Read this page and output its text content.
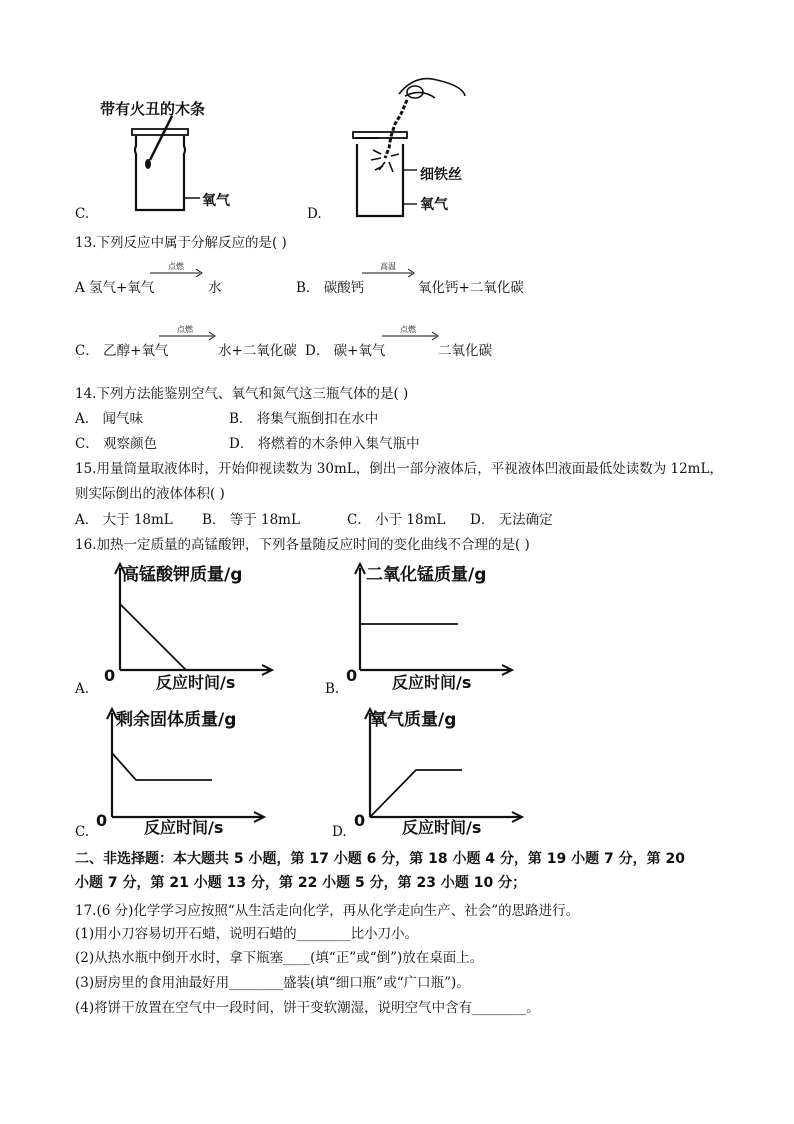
带有火丑的木条
氧气
C.
细铁丝
氧气
D.
13.下列反应中属于分解反应的是( )
A 氢气+氧气
点燃
水	B． 碳酸钙
高温
氧化钙+二氧化碳
C． 乙醇+氧气
点燃
水+二氧化碳 D． 碳+氧气
点燃
二氧化碳
14.下列方法能鉴别空气、氧气和氮气这三瓶气体的是( )
A． 闻气味	B． 将集气瓶倒扣在水中
C． 观察颜色	D． 将燃着的木条伸入集气瓶中
15.用量筒量取液体时，开始仰视读数为 30mL，倒出一部分液体后，平视液体凹液面最低处读数为 12mL，
则实际倒出的液体体积( )
A． 大于 18mL B． 等于 18mL	C． 小于 18mL D． 无法确定
16.加热一定质量的高锰酸钾，下列各量随反应时间的变化曲线不合理的是( )
高锰酸钾质量/g
0	反应时间/s
A.
二氧化锰质量/g
0 反应时间/s
B.
剩余固体质量/g
0 反应时间/s
C.
氧气质量/g
0 反应时间/s
D.
二、非选择题：本大题共 5 小题，第 17 小题 6 分，第 18 小题 4 分，第 19 小题 7 分，第 20
小题 7 分，第 21 小题 13 分，第 22 小题 5 分，第 23 小题 10 分；
17.(6 分)化学学习应按照“从生活走向化学，再从化学走向生产、社会”的思路进行。
(1)用小刀容易切开石蜡，说明石蜡的________比小刀小。
(2)从热水瓶中倒开水时，拿下瓶塞____(填“正”或“倒”)放在桌面上。
(3)厨房里的食用油最好用________盛装(填“细口瓶”或“广口瓶”)。
(4)将饼干放置在空气中一段时间，饼干变软潮湿，说明空气中含有________。
